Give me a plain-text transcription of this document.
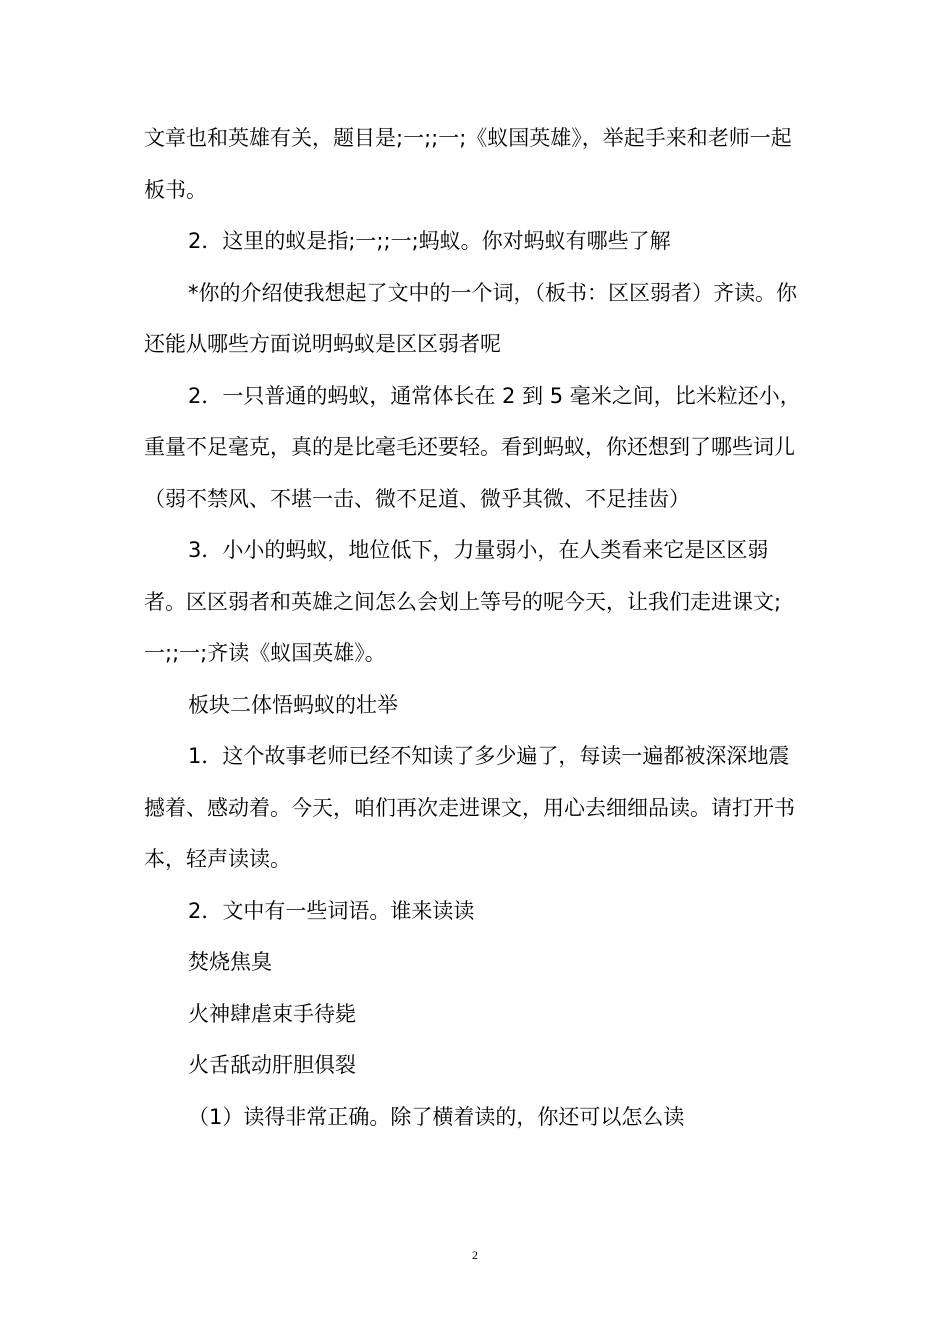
文章也和英雄有关，题目是;一;;一;《蚁国英雄》，举起手来和老师一起板书。

2．这里的蚁是指;一;;一;蚂蚁。你对蚂蚁有哪些了解

*你的介绍使我想起了文中的一个词，（板书：区区弱者）齐读。你还能从哪些方面说明蚂蚁是区区弱者呢

2．一只普通的蚂蚁，通常体长在 2 到 5 毫米之间，比米粒还小，重量不足毫克，真的是比毫毛还要轻。看到蚂蚁，你还想到了哪些词儿（弱不禁风、不堪一击、微不足道、微乎其微、不足挂齿）

3．小小的蚂蚁，地位低下，力量弱小，在人类看来它是区区弱者。区区弱者和英雄之间怎么会划上等号的呢今天，让我们走进课文;一;;一;齐读《蚁国英雄》。

板块二体悟蚂蚁的壮举

1．这个故事老师已经不知读了多少遍了，每读一遍都被深深地震撼着、感动着。今天，咱们再次走进课文，用心去细细品读。请打开书本，轻声读读。

2．文中有一些词语。谁来读读

焚烧焦臭

火神肆虐束手待毙

火舌舐动肝胆俱裂

（1）读得非常正确。除了横着读的，你还可以怎么读

2
